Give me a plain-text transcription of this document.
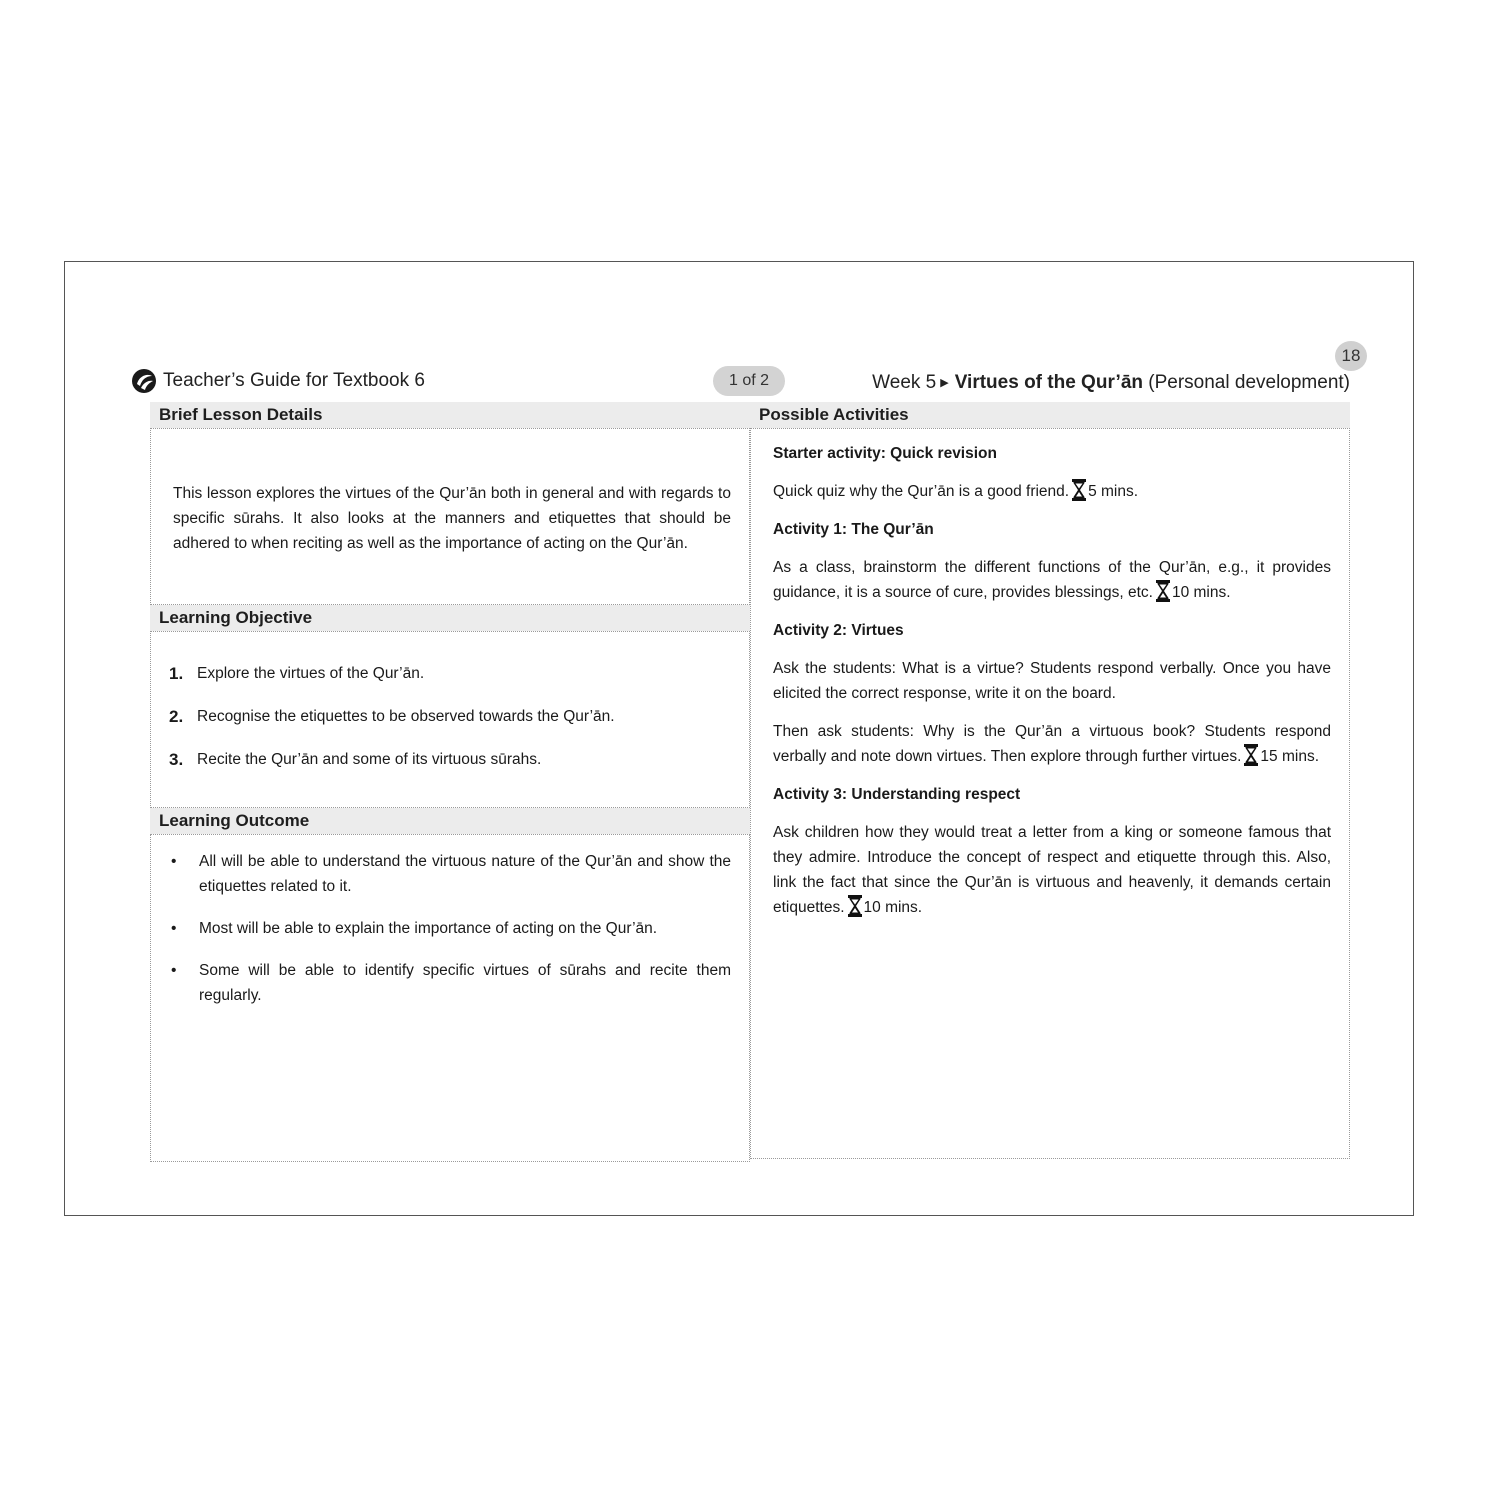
18
Teacher’s Guide for Textbook 6	1 of 2	Week 5 ▶ Virtues of the Qur’ān (Personal development)
Brief Lesson Details
This lesson explores the virtues of the Qur’ān both in general and with regards to specific sūrahs. It also looks at the manners and etiquettes that should be adhered to when reciting as well as the importance of acting on the Qur’ān.
Learning Objective
1. Explore the virtues of the Qur’ān.
2. Recognise the etiquettes to be observed towards the Qur’ān.
3. Recite the Qur’ān and some of its virtuous sūrahs.
Learning Outcome
•	All will be able to understand the virtuous nature of the Qur’ān and show the etiquettes related to it.
•	Most will be able to explain the importance of acting on the Qur’ān.
•	Some will be able to identify specific virtues of sūrahs and recite them regularly.
Possible Activities
Starter activity: Quick revision
Quick quiz why the Qur’ān is a good friend. 5 mins.
Activity 1: The Qur’ān
As a class, brainstorm the different functions of the Qur’ān, e.g., it provides guidance, it is a source of cure, provides blessings, etc. 10 mins.
Activity 2: Virtues
Ask the students: What is a virtue? Students respond verbally. Once you have elicited the correct response, write it on the board.
Then ask students: Why is the Qur’ān a virtuous book? Students respond verbally and note down virtues. Then explore through further virtues. 15 mins.
Activity 3: Understanding respect
Ask children how they would treat a letter from a king or someone famous that they admire. Introduce the concept of respect and etiquette through this. Also, link the fact that since the Qur’ān is virtuous and heavenly, it demands certain etiquettes. 10 mins.
